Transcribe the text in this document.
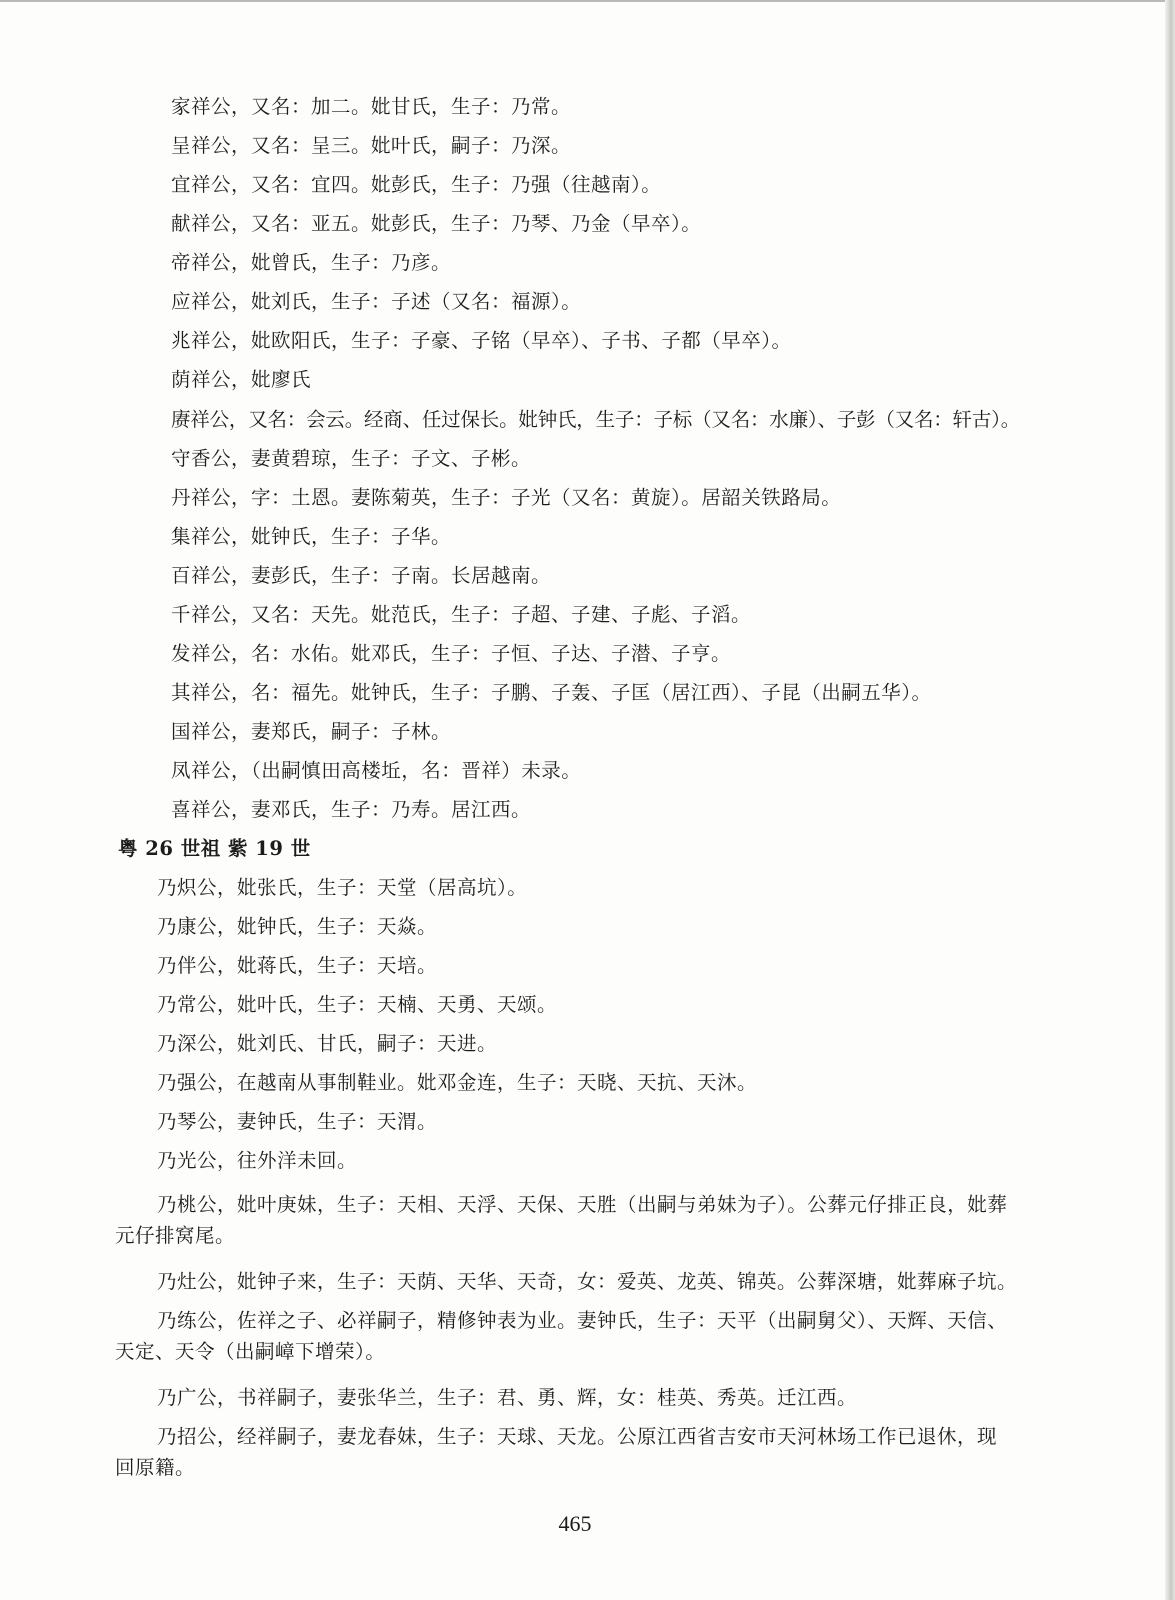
家祥公，又名：加二。妣甘氏，生子：乃常。
呈祥公，又名：呈三。妣叶氏，嗣子：乃深。
宜祥公，又名：宜四。妣彭氏，生子：乃强（往越南）。
献祥公，又名：亚五。妣彭氏，生子：乃琴、乃金（早卒）。
帝祥公，妣曾氏，生子：乃彦。
应祥公，妣刘氏，生子：子述（又名：福源）。
兆祥公，妣欧阳氏，生子：子豪、子铭（早卒）、子书、子都（早卒）。
荫祥公，妣廖氏
赓祥公，又名：会云。经商、任过保长。妣钟氏，生子：子标（又名：水廉）、子彭（又名：轩古）。
守香公，妻黄碧琼，生子：子文、子彬。
丹祥公，字：土恩。妻陈菊英，生子：子光（又名：黄旋）。居韶关铁路局。
集祥公，妣钟氏，生子：子华。
百祥公，妻彭氏，生子：子南。长居越南。
千祥公，又名：天先。妣范氏，生子：子超、子建、子彪、子滔。
发祥公，名：水佑。妣邓氏，生子：子恒、子达、子潜、子亨。
其祥公，名：福先。妣钟氏，生子：子鹏、子轰、子匡（居江西）、子昆（出嗣五华）。
国祥公，妻郑氏，嗣子：子林。
凤祥公，（出嗣慎田高楼坵，名：晋祥）未录。
喜祥公，妻邓氏，生子：乃寿。居江西。
粤 26 世祖 紫 19 世
乃炽公，妣张氏，生子：天堂（居高坑）。
乃康公，妣钟氏，生子：天焱。
乃伴公，妣蒋氏，生子：天培。
乃常公，妣叶氏，生子：天楠、天勇、天颂。
乃深公，妣刘氏、甘氏，嗣子：天进。
乃强公，在越南从事制鞋业。妣邓金连，生子：天晓、天抗、天沐。
乃琴公，妻钟氏，生子：天渭。
乃光公，往外洋未回。
乃桃公，妣叶庚妹，生子：天相、天浮、天保、天胜（出嗣与弟妹为子）。公葬元仔排正良，妣葬
元仔排窝尾。
乃灶公，妣钟子来，生子：天荫、天华、天奇，女：爱英、龙英、锦英。公葬深塘，妣葬麻子坑。
乃练公，佐祥之子、必祥嗣子，精修钟表为业。妻钟氏，生子：天平（出嗣舅父）、天辉、天信、
天定、天令（出嗣嶂下增荣）。
乃广公，书祥嗣子，妻张华兰，生子：君、勇、辉，女：桂英、秀英。迁江西。
乃招公，经祥嗣子，妻龙春妹，生子：天球、天龙。公原江西省吉安市天河林场工作已退休，现
回原籍。
465
